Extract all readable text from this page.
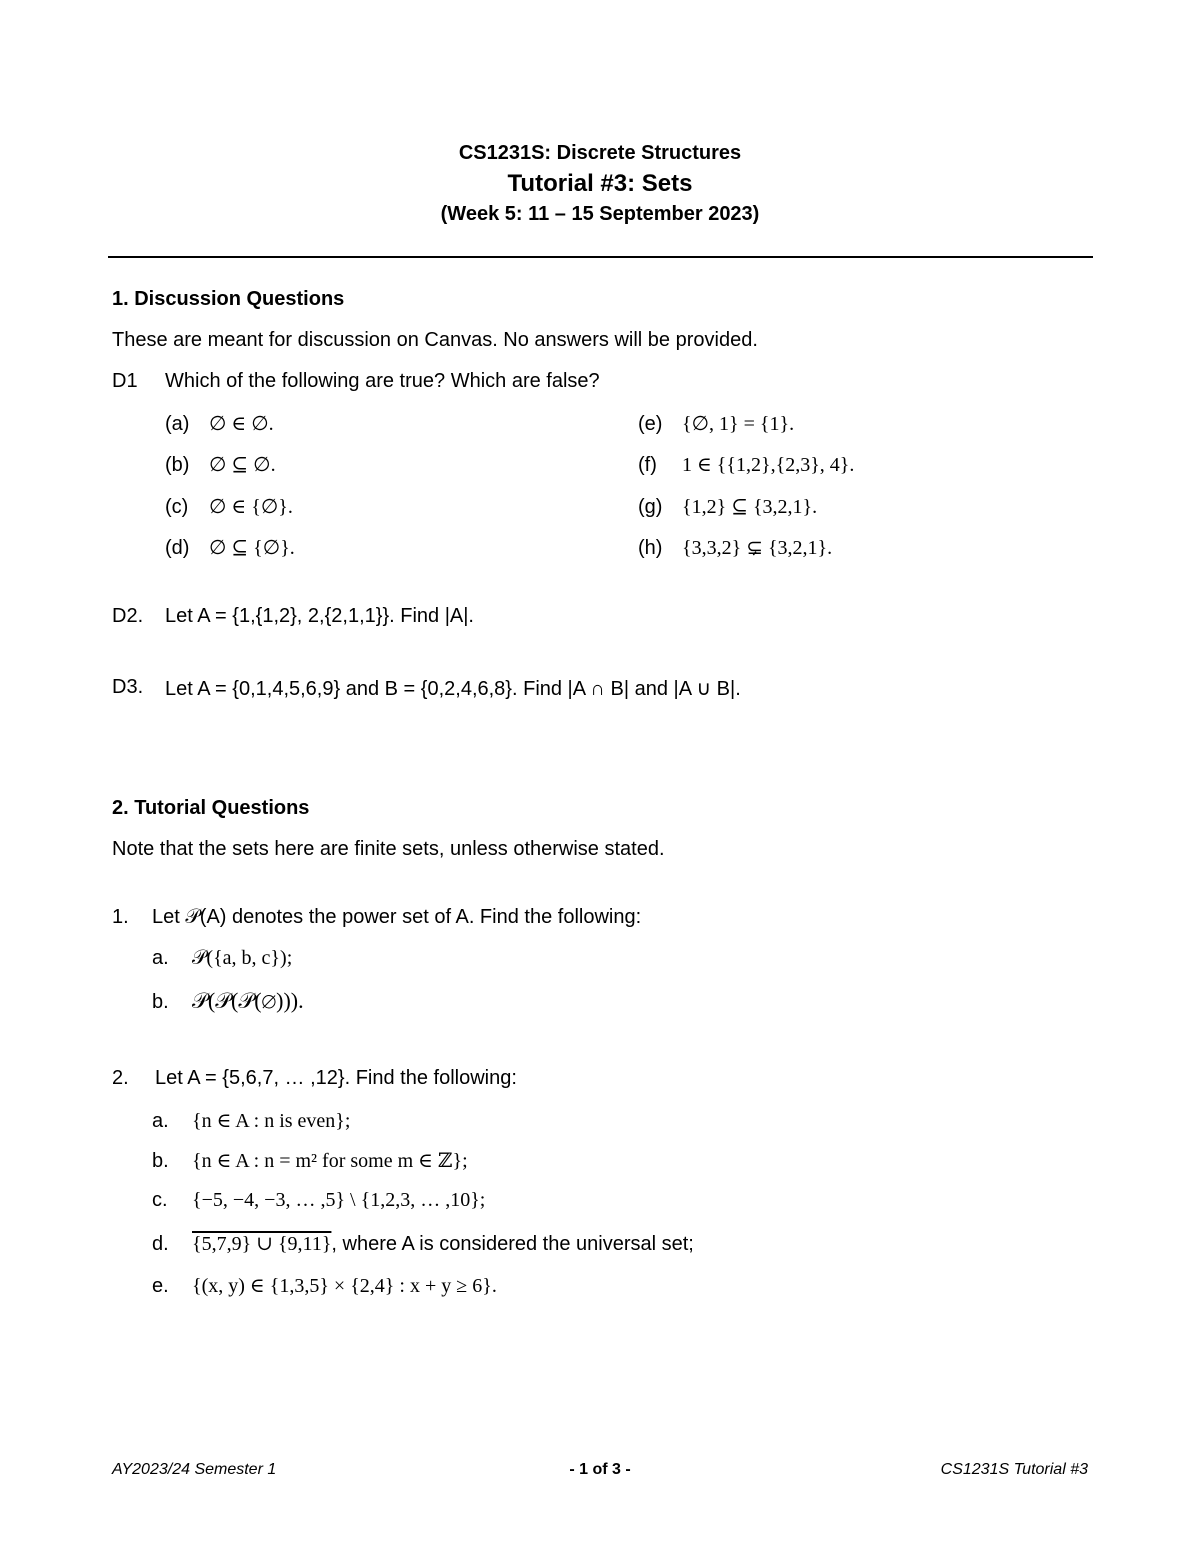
CS1231S: Discrete Structures
Tutorial #3: Sets
(Week 5: 11 – 15 September 2023)
1. Discussion Questions
These are meant for discussion on Canvas. No answers will be provided.
D1 Which of the following are true? Which are false?
(a) ∅ ∈ ∅.
(b) ∅ ⊆ ∅.
(c) ∅ ∈ {∅}.
(d) ∅ ⊆ {∅}.
(e) {∅, 1} = {1}.
(f) 1 ∈ {{1,2},{2,3}, 4}.
(g) {1,2} ⊆ {3,2,1}.
(h) {3,3,2} ⊊ {3,2,1}.
D2. Let A = {1,{1,2}, 2,{2,1,1}}. Find |A|.
D3. Let A = {0,1,4,5,6,9} and B = {0,2,4,6,8}. Find |A ∩ B| and |A ∪ B|.
2. Tutorial Questions
Note that the sets here are finite sets, unless otherwise stated.
1. Let 𝒫(A) denotes the power set of A. Find the following:
a. 𝒫({a, b, c});
b. 𝒫(𝒫(𝒫(∅))).
2. Let A = {5,6,7, … ,12}. Find the following:
a. {n ∈ A : n is even};
b. {n ∈ A : n = m² for some m ∈ ℤ};
c. {−5, −4, −3, … ,5} \ {1,2,3, … ,10};
d. {5,7,9} ∪ {9,11}, where A is considered the universal set;
e. {(x, y) ∈ {1,3,5} × {2,4} : x + y ≥ 6}.
AY2023/24 Semester 1	- 1 of 3 -	CS1231S Tutorial #3
